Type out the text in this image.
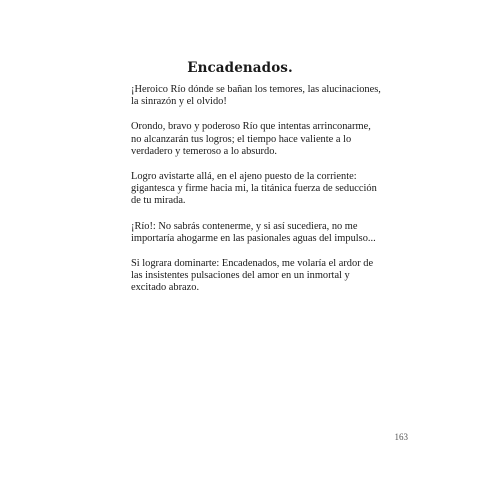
Encadenados.

¡Heroico Río dónde se bañan los temores, las alucinaciones, la sinrazón y el olvido!

Orondo, bravo y poderoso Río que intentas arrinconarme, no alcanzarán tus logros; el tiempo hace valiente a lo verdadero y temeroso a lo absurdo.

Logro avistarte allá, en el ajeno puesto de la corriente: gigantesca y firme hacia mi, la titánica fuerza de seducción de tu mirada.

¡Río!: No sabrás contenerme, y si así sucediera, no me importaría ahogarme en las pasionales aguas del impulso...

Si lograra dominarte: Encadenados, me volaría el ardor de las insistentes pulsaciones del amor en un inmortal y excitado abrazo.

163
